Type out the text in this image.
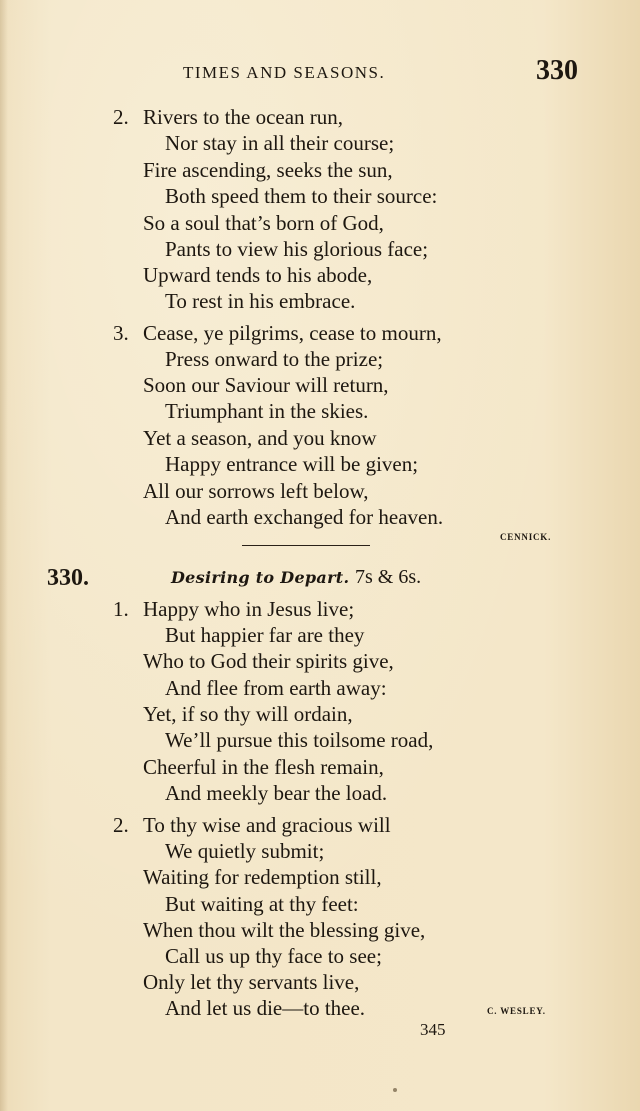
TIMES AND SEASONS.	330
2. Rivers to the ocean run,
Nor stay in all their course;
Fire ascending, seeks the sun,
Both speed them to their source:
So a soul that’s born of God,
Pants to view his glorious face;
Upward tends to his abode,
To rest in his embrace.
3. Cease, ye pilgrims, cease to mourn,
Press onward to the prize;
Soon our Saviour will return,
Triumphant in the skies.
Yet a season, and you know
Happy entrance will be given;
All our sorrows left below,
And earth exchanged for heaven.
CENNICK.
330.	Desiring to Depart. 7s & 6s.
1. Happy who in Jesus live;
But happier far are they
Who to God their spirits give,
And flee from earth away:
Yet, if so thy will ordain,
We’ll pursue this toilsome road,
Cheerful in the flesh remain,
And meekly bear the load.
2. To thy wise and gracious will
We quietly submit;
Waiting for redemption still,
But waiting at thy feet:
When thou wilt the blessing give,
Call us up thy face to see;
Only let thy servants live,
And let us die—to thee.	C. WESLEY.
345
